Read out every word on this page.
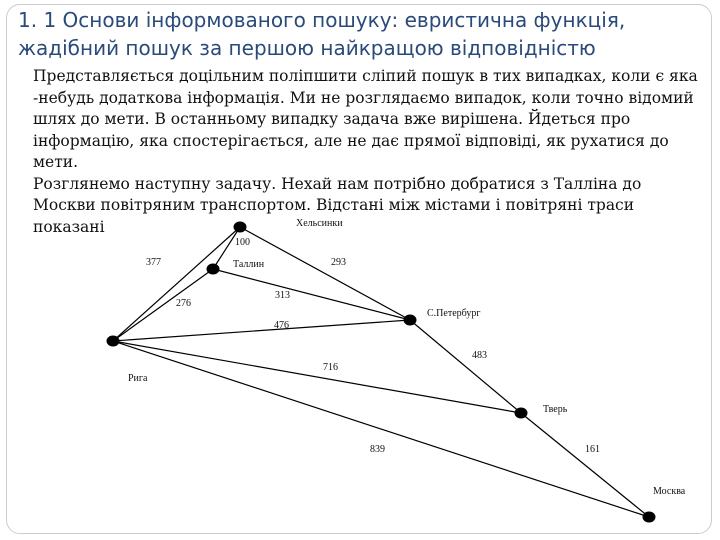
1. 1 Основи інформованого пошуку: евристична функція, жадібний пошук за першою найкращою відповідністю

Представляється доцільним поліпшити сліпий пошук в тих випадках, коли є яка -небудь додаткова інформація. Ми не розглядаємо випадок, коли точно відомий шлях до мети. В останньому випадку задача вже вирішена. Йдеться про інформацію, яка спостерігається, але не дає прямої відповіді, як рухатися до мети.

Розглянемо наступну задачу. Нехай нам потрібно добратися з Таллінa до Москви повітряним транспортом. Відстані між містами і повітряні траси показані

100
377	293
276
313
476
716
839
483
161
Хельсинки
Таллин
Рига
С.Петербург
Тверь
Москва
